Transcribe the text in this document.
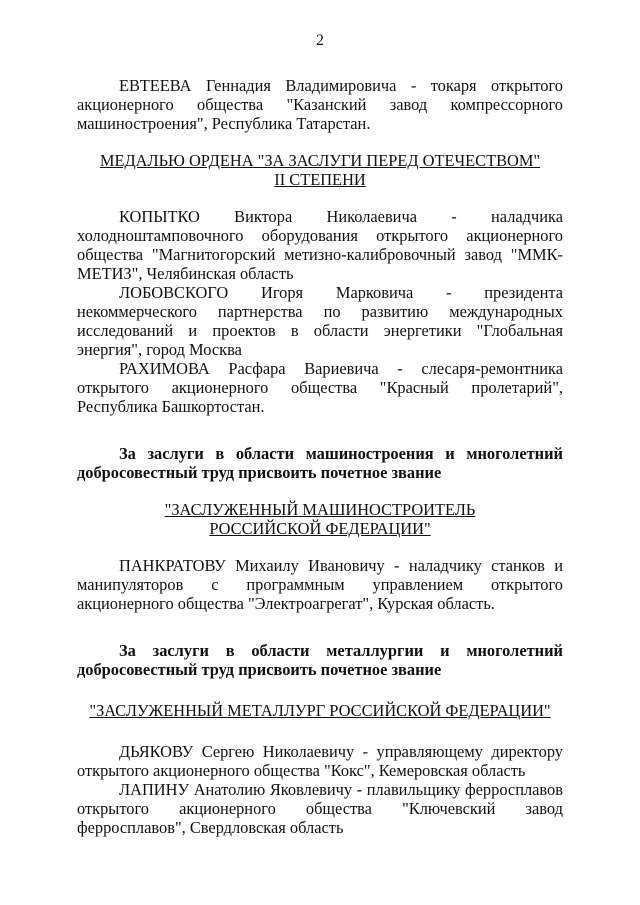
2

ЕВТЕЕВА Геннадия Владимировича - токаря открытого акционерного общества "Казанский завод компрессорного машиностроения", Республика Татарстан.

МЕДАЛЬЮ ОРДЕНА "ЗА ЗАСЛУГИ ПЕРЕД ОТЕЧЕСТВОМ"
II СТЕПЕНИ

КОПЫТКО Виктора Николаевича - наладчика холодноштамповочного оборудования открытого акционерного общества "Магнитогорский метизно-калибровочный завод "ММК-МЕТИЗ", Челябинская область

ЛОБОВСКОГО Игоря Марковича - президента некоммерческого партнерства по развитию международных исследований и проектов в области энергетики "Глобальная энергия", город Москва

РАХИМОВА Расфара Вариевича - слесаря-ремонтника открытого акционерного общества "Красный пролетарий", Республика Башкортостан.

За заслуги в области машиностроения и многолетний

добросовестный труд присвоить почетное звание

"ЗАСЛУЖЕННЫЙ МАШИНОСТРОИТЕЛЬ
РОССИЙСКОЙ ФЕДЕРАЦИИ"

ПАНКРАТОВУ Михаилу Ивановичу - наладчику станков и манипуляторов с программным управлением открытого акционерного общества "Электроагрегат", Курская область.

За заслуги в области металлургии и многолетний

добросовестный труд присвоить почетное звание

"ЗАСЛУЖЕННЫЙ МЕТАЛЛУРГ РОССИЙСКОЙ ФЕДЕРАЦИИ"

ДЬЯКОВУ Сергею Николаевичу - управляющему директору открытого акционерного общества "Кокс", Кемеровская область

ЛАПИНУ Анатолию Яковлевичу - плавильщику ферросплавов открытого акционерного общества "Ключевский завод ферросплавов", Свердловская область
